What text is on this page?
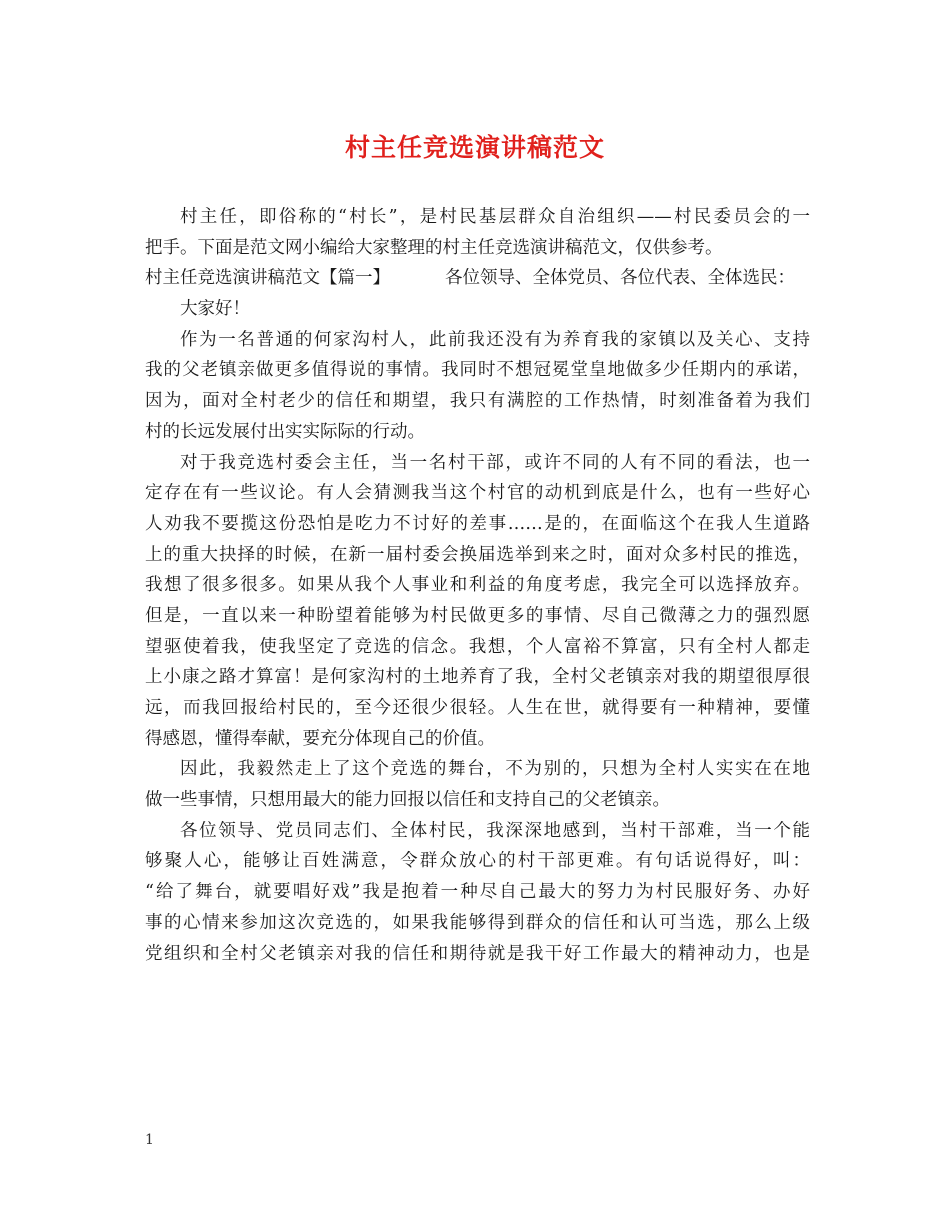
村主任竞选演讲稿范文
村主任，即俗称的“村长”，是村民基层群众自治组织——村民委员会的一
把手。下面是范文网小编给大家整理的村主任竞选演讲稿范文，仅供参考。
村主任竞选演讲稿范文【篇一】	各位领导、全体党员、各位代表、全体选民：
大家好！
作为一名普通的何家沟村人，此前我还没有为养育我的家镇以及关心、支持
我的父老镇亲做更多值得说的事情。我同时不想冠冕堂皇地做多少任期内的承诺，
因为，面对全村老少的信任和期望，我只有满腔的工作热情，时刻准备着为我们
村的长远发展付出实实际际的行动。
对于我竞选村委会主任，当一名村干部，或许不同的人有不同的看法，也一
定存在有一些议论。有人会猜测我当这个村官的动机到底是什么，也有一些好心
人劝我不要揽这份恐怕是吃力不讨好的差事……是的，在面临这个在我人生道路
上的重大抉择的时候，在新一届村委会换届选举到来之时，面对众多村民的推选，
我想了很多很多。如果从我个人事业和利益的角度考虑，我完全可以选择放弃。
但是，一直以来一种盼望着能够为村民做更多的事情、尽自己微薄之力的强烈愿
望驱使着我，使我坚定了竞选的信念。我想，个人富裕不算富，只有全村人都走
上小康之路才算富！是何家沟村的土地养育了我，全村父老镇亲对我的期望很厚很
远，而我回报给村民的，至今还很少很轻。人生在世，就得要有一种精神，要懂
得感恩，懂得奉献，要充分体现自己的价值。
因此，我毅然走上了这个竞选的舞台，不为别的，只想为全村人实实在在地
做一些事情，只想用最大的能力回报以信任和支持自己的父老镇亲。
各位领导、党员同志们、全体村民，我深深地感到，当村干部难，当一个能
够聚人心，能够让百姓满意，令群众放心的村干部更难。有句话说得好，叫：
“给了舞台，就要唱好戏”我是抱着一种尽自己最大的努力为村民服好务、办好
事的心情来参加这次竞选的，如果我能够得到群众的信任和认可当选，那么上级
党组织和全村父老镇亲对我的信任和期待就是我干好工作最大的精神动力，也是
1
